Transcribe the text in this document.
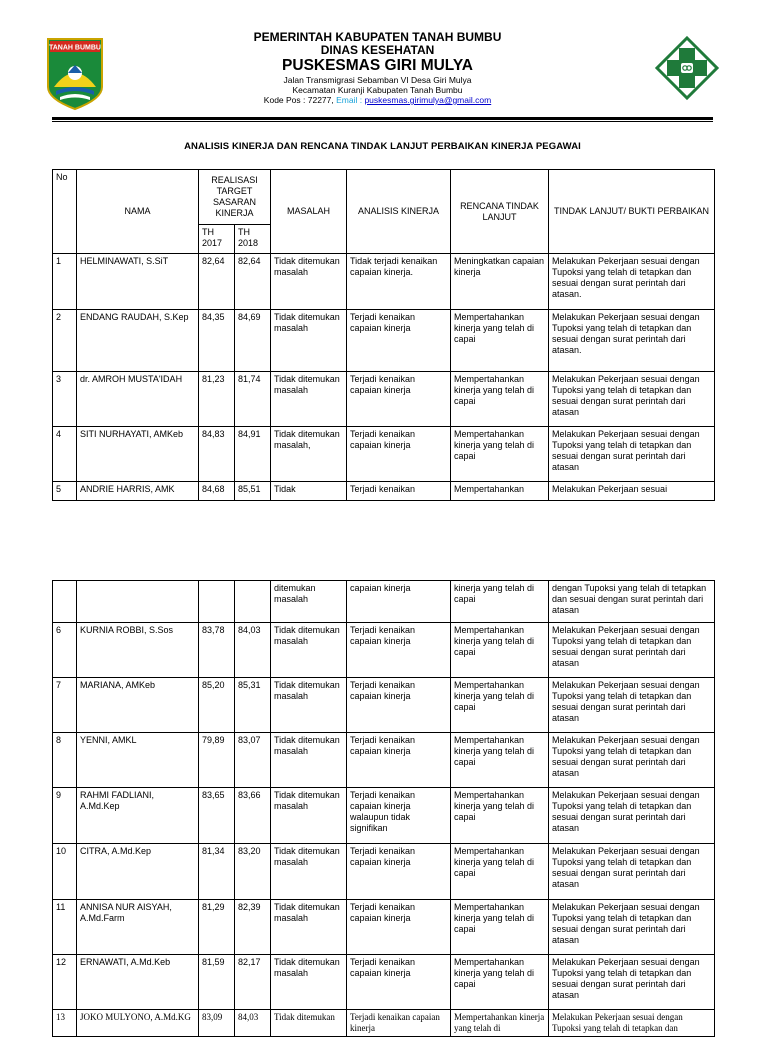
TANAH BUMBU
PEMERINTAH KABUPATEN TANAH BUMBU
DINAS KESEHATAN
PUSKESMAS GIRI MULYA
Jalan Transmigrasi Sebamban VI Desa Giri Mulya
Kecamatan Kuranji Kabupaten Tanah Bumbu
Kode Pos : 72277, Email : puskesmas.girimulya@gmail.com
ANALISIS KINERJA DAN RENCANA TINDAK LANJUT PERBAIKAN KINERJA PEGAWAI
No	NAMA	REALISASI TARGET SASARAN KINERJA		MASALAH	ANALISIS KINERJA	RENCANA TINDAK LANJUT	TINDAK LANJUT/ BUKTI PERBAIKAN
		TH 2017	TH 2018				
1	HELMINAWATI, S.SiT	82,64	82,64	Tidak ditemukan masalah	Tidak terjadi kenaikan capaian kinerja.	Meningkatkan capaian kinerja	Melakukan Pekerjaan sesuai dengan Tupoksi yang telah di tetapkan dan sesuai dengan surat perintah dari atasan.
2	ENDANG RAUDAH, S.Kep	84,35	84,69	Tidak ditemukan masalah	Terjadi kenaikan capaian kinerja	Mempertahankan kinerja yang telah di capai	Melakukan Pekerjaan sesuai dengan Tupoksi yang telah di tetapkan dan sesuai dengan surat perintah dari atasan.
3	dr. AMROH MUSTA'IDAH	81,23	81,74	Tidak ditemukan masalah	Terjadi kenaikan capaian kinerja	Mempertahankan kinerja yang telah di capai	Melakukan Pekerjaan sesuai dengan Tupoksi yang telah di tetapkan dan sesuai dengan surat perintah dari atasan
4	SITI NURHAYATI, AMKeb	84,83	84,91	Tidak ditemukan masalah,	Terjadi kenaikan capaian kinerja	Mempertahankan kinerja yang telah di capai	Melakukan Pekerjaan sesuai dengan Tupoksi yang telah di tetapkan dan sesuai dengan surat perintah dari atasan
5	ANDRIE HARRIS, AMK	84,68	85,51	Tidak	Terjadi kenaikan	Mempertahankan	Melakukan Pekerjaan sesuai
				ditemukan masalah	capaian kinerja	kinerja yang telah di capai	dengan Tupoksi yang telah di tetapkan dan sesuai dengan surat perintah dari atasan
6	KURNIA ROBBI, S.Sos	83,78	84,03	Tidak ditemukan masalah	Terjadi kenaikan capaian kinerja	Mempertahankan kinerja yang telah di capai	Melakukan Pekerjaan sesuai dengan Tupoksi yang telah di tetapkan dan sesuai dengan surat perintah dari atasan
7	MARIANA, AMKeb	85,20	85,31	Tidak ditemukan masalah	Terjadi kenaikan capaian kinerja	Mempertahankan kinerja yang telah di capai	Melakukan Pekerjaan sesuai dengan Tupoksi yang telah di tetapkan dan sesuai dengan surat perintah dari atasan
8	YENNI, AMKL	79,89	83,07	Tidak ditemukan masalah	Terjadi kenaikan capaian kinerja	Mempertahankan kinerja yang telah di capai	Melakukan Pekerjaan sesuai dengan Tupoksi yang telah di tetapkan dan sesuai dengan surat perintah dari atasan
9	RAHMI FADLIANI, A.Md.Kep	83,65	83,66	Tidak ditemukan masalah	Terjadi kenaikan capaian kinerja walaupun tidak signifikan	Mempertahankan kinerja yang telah di capai	Melakukan Pekerjaan sesuai dengan Tupoksi yang telah di tetapkan dan sesuai dengan surat perintah dari atasan
10	CITRA, A.Md.Kep	81,34	83,20	Tidak ditemukan masalah	Terjadi kenaikan capaian kinerja	Mempertahankan kinerja yang telah di capai	Melakukan Pekerjaan sesuai dengan Tupoksi yang telah di tetapkan dan sesuai dengan surat perintah dari atasan
11	ANNISA NUR AISYAH, A.Md.Farm	81,29	82,39	Tidak ditemukan masalah	Terjadi kenaikan capaian kinerja	Mempertahankan kinerja yang telah di capai	Melakukan Pekerjaan sesuai dengan Tupoksi yang telah di tetapkan dan sesuai dengan surat perintah dari atasan
12	ERNAWATI, A.Md.Keb	81,59	82,17	Tidak ditemukan masalah	Terjadi kenaikan capaian kinerja	Mempertahankan kinerja yang telah di capai	Melakukan Pekerjaan sesuai dengan Tupoksi yang telah di tetapkan dan sesuai dengan surat perintah dari atasan
13	JOKO MULYONO, A.Md.KG	83,09	84,03	Tidak ditemukan	Terjadi kenaikan capaian kinerja	Mempertahankan kinerja yang telah di	Melakukan Pekerjaan sesuai dengan Tupoksi yang telah di tetapkan dan
